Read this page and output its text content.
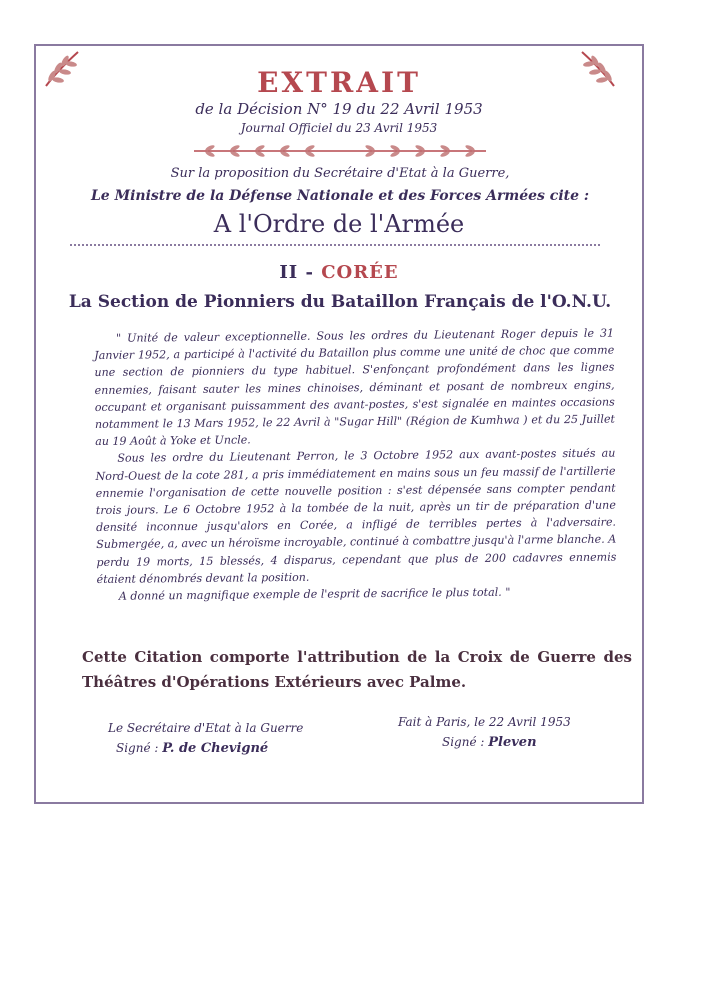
EXTRAIT
de la Décision N° 19 du 22 Avril 1953
Journal Officiel du 23 Avril 1953
Sur la proposition du Secrétaire d'Etat à la Guerre,
Le Ministre de la Défense Nationale et des Forces Armées cite :
A l'Ordre de l'Armée
II - CORÉE
La Section de Pionniers du Bataillon Français de l'O.N.U.

" Unité de valeur exceptionnelle. Sous les ordres du Lieutenant Roger depuis le 31 Janvier 1952, a participé à l'activité du Bataillon plus comme une unité de choc que comme une section de pionniers du type habituel. S'enfonçant profondément dans les lignes ennemies, faisant sauter les mines chinoises, déminant et posant de nombreux engins, occupant et organisant puissamment des avant-postes, s'est signalée en maintes occasions notamment le 13 Mars 1952, le 22 Avril à "Sugar Hill" (Région de Kumhwa ) et du 25 Juillet au 19 Août à Yoke et Uncle.

Sous les ordre du Lieutenant Perron, le 3 Octobre 1952 aux avant-postes situés au Nord-Ouest de la cote 281, a pris immédiatement en mains sous un feu massif de l'artillerie ennemie l'organisation de cette nouvelle position : s'est dépensée sans compter pendant trois jours. Le 6 Octobre 1952 à la tombée de la nuit, après un tir de préparation d'une densité inconnue jusqu'alors en Corée, a infligé de terribles pertes à l'adversaire. Submergée, a, avec un héroïsme incroyable, continué à combattre jusqu'à l'arme blanche. A perdu 19 morts, 15 blessés, 4 disparus, cependant que plus de 200 cadavres ennemis étaient dénombrés devant la position.

A donné un magnifique exemple de l'esprit de sacrifice le plus total. "

Cette Citation comporte l'attribution de la Croix de Guerre des Théâtres d'Opérations Extérieurs avec Palme.
Le Secrétaire d'Etat à la Guerre
Signé : P. de Chevigné
Fait à Paris, le 22 Avril 1953
Signé : Pleven
